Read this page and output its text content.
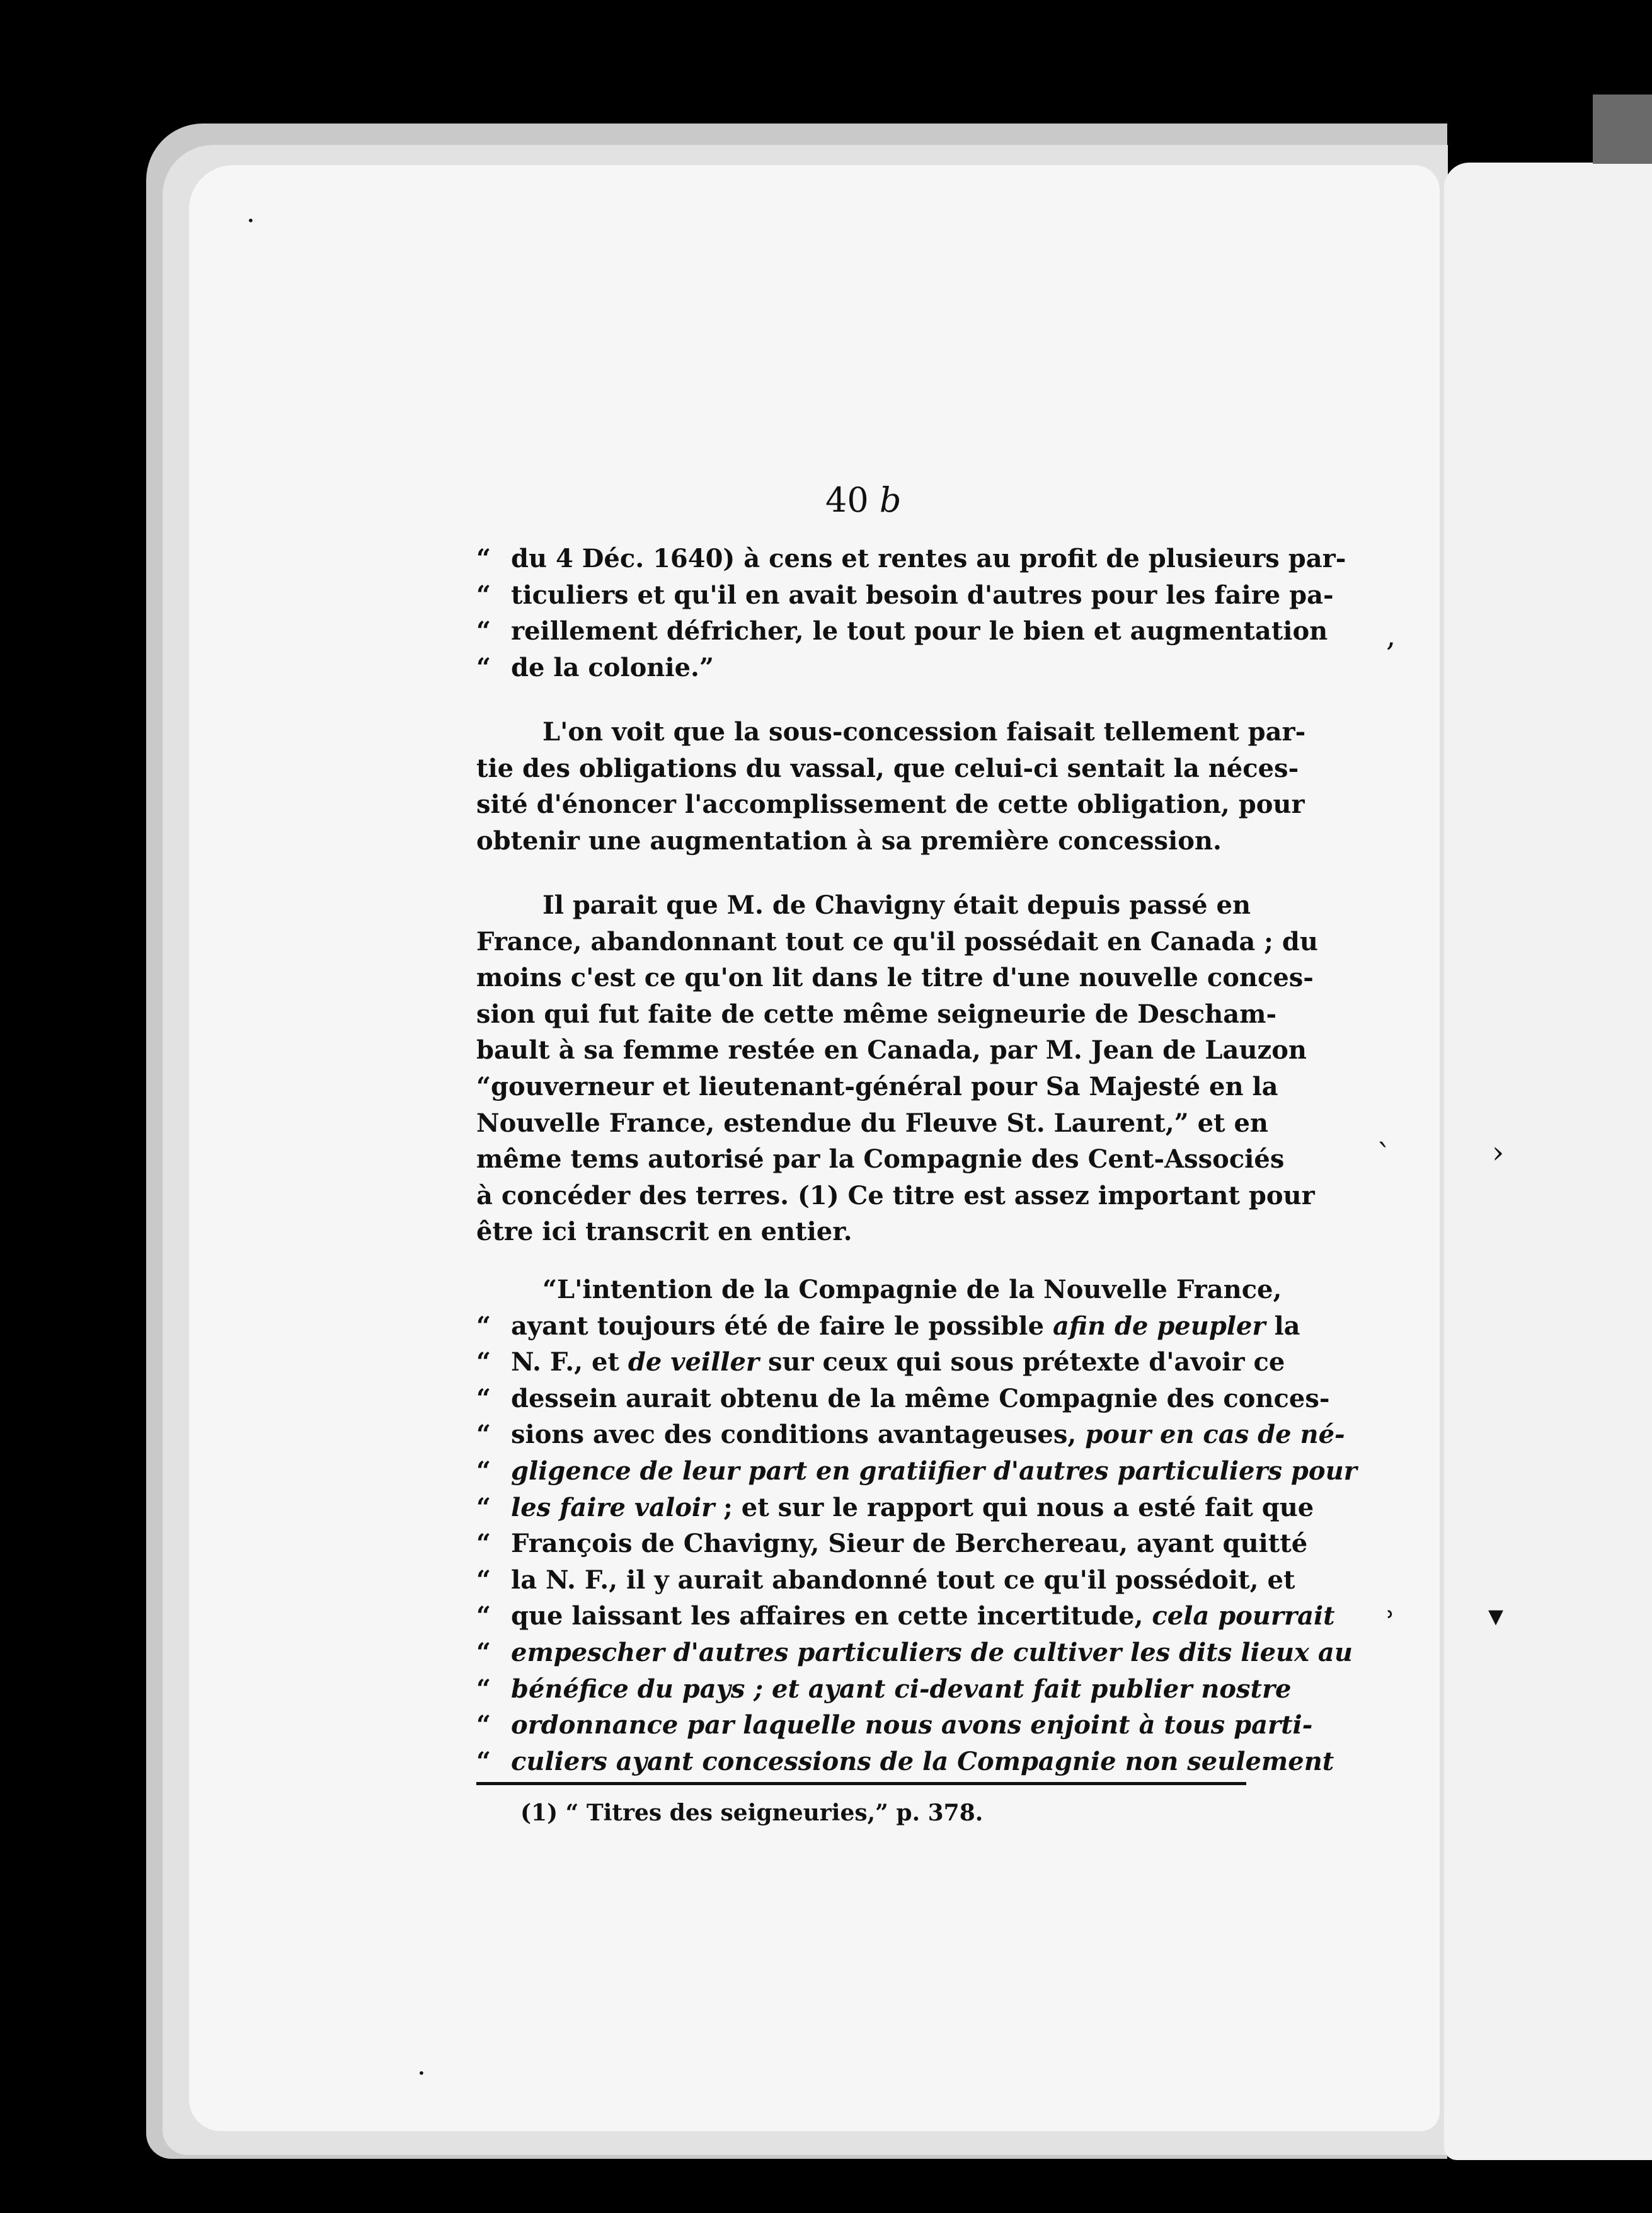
•
,
ˋ	›
˒	▾
•
40 b
“ du 4 Déc. 1640) à cens et rentes au profit de plusieurs par-
“ ticuliers et qu'il en avait besoin d'autres pour les faire pa-
“ reillement défricher, le tout pour le bien et augmentation
“ de la colonie.”
L'on voit que la sous-concession faisait tellement par-
tie des obligations du vassal, que celui-ci sentait la néces-
sité d'énoncer l'accomplissement de cette obligation, pour
obtenir une augmentation à sa première concession.
Il parait que M. de Chavigny était depuis passé en
France, abandonnant tout ce qu'il possédait en Canada ; du
moins c'est ce qu'on lit dans le titre d'une nouvelle conces-
sion qui fut faite de cette même seigneurie de Descham-
bault à sa femme restée en Canada, par M. Jean de Lauzon
“gouverneur et lieutenant-général pour Sa Majesté en la
Nouvelle France, estendue du Fleuve St. Laurent,” et en
même tems autorisé par la Compagnie des Cent-Associés
à concéder des terres. (1) Ce titre est assez important pour
être ici transcrit en entier.
“L'intention de la Compagnie de la Nouvelle France,
“ ayant toujours été de faire le possible afin de peupler la
“ N. F., et de veiller sur ceux qui sous prétexte d'avoir ce
“ dessein aurait obtenu de la même Compagnie des conces-
“ sions avec des conditions avantageuses, pour en cas de né-
“ gligence de leur part en gratiifier d'autres particuliers pour
“ les faire valoir ; et sur le rapport qui nous a esté fait que
“ François de Chavigny, Sieur de Berchereau, ayant quitté
“ la N. F., il y aurait abandonné tout ce qu'il possédoit, et
“ que laissant les affaires en cette incertitude, cela pourrait
“ empescher d'autres particuliers de cultiver les dits lieux au
“ bénéfice du pays ; et ayant ci-devant fait publier nostre
“ ordonnance par laquelle nous avons enjoint à tous parti-
“ culiers ayant concessions de la Compagnie non seulement
(1) “ Titres des seigneuries,” p. 378.
